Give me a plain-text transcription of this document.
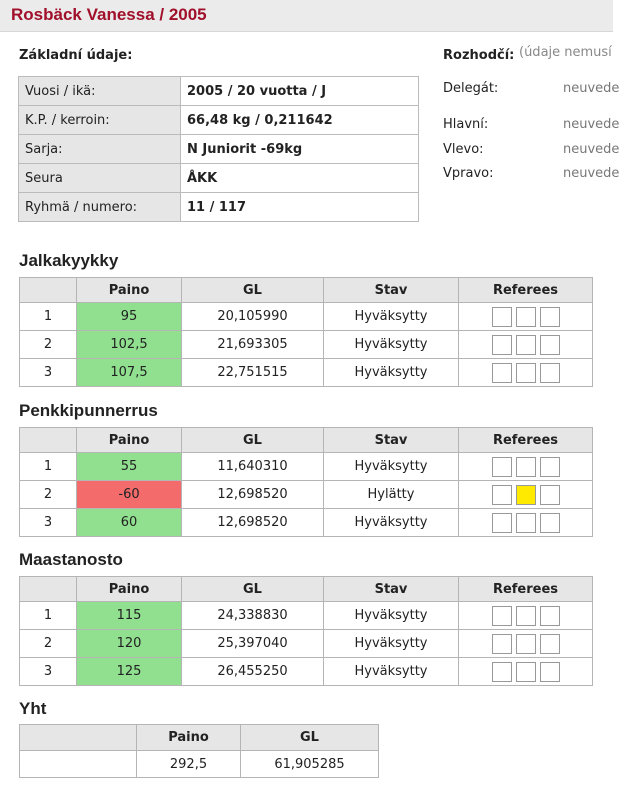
Rosbäck Vanessa / 2005
Základní údaje:
Vuosi / ikä:	2005 / 20 vuotta / J
K.P. / kerroin:	66,48 kg / 0,211642
Sarja:	N Juniorit -69kg
Seura	ÅKK
Ryhmä / numero:	11 / 117
Rozhodčí: (údaje nemusí
Delegát:	neuvede
Hlavní:	neuvede
Vlevo:	neuvede
Vpravo:	neuvede
Jalkakyykky
	Paino	GL	Stav	Referees
1	95	20,105990	Hyväksytty	

2	102,5	21,693305	Hyväksytty	

3	107,5	22,751515	Hyväksytty	
Penkkipunnerrus
	Paino	GL	Stav	Referees
1	55	11,640310	Hyväksytty	

2	-60	12,698520	Hylätty	

3	60	12,698520	Hyväksytty	
Maastanosto
	Paino	GL	Stav	Referees
1	115	24,338830	Hyväksytty	

2	120	25,397040	Hyväksytty	

3	125	26,455250	Hyväksytty	
Yht
	Paino	GL
	292,5	61,905285
